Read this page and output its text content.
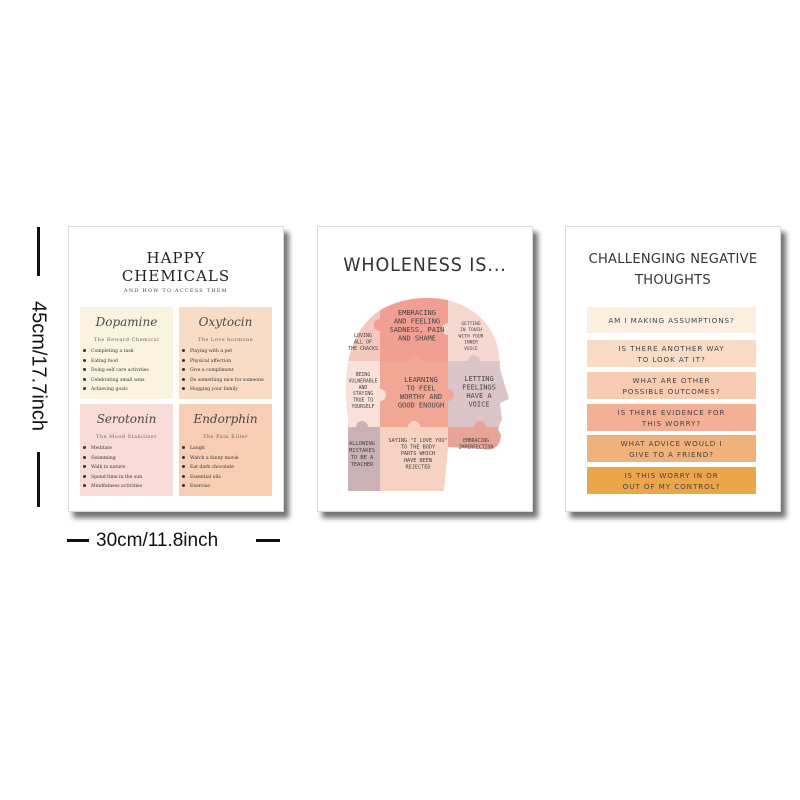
45cm/17.7inch
30cm/11.8inch
HAPPY
CHEMICALS
AND HOW TO ACCESS THEM
Dopamine
The Reward Chemical
Completing a task
Eating food
Doing self care activities
Celebrating small wins
Achieving goals
Oxytocin
The Love hormone
Playing with a pet
Physical affection
Give a compliment
Do something nice for someone
Hugging your family
Serotonin
The Mood Stabilizer
Meditate
Swimming
Walk in nature
Spend time in the sun
Mindfulness activities
Endorphin
The Pain Killer
Laugh
Watch a funny movie
Eat dark chocolate
Essential oils
Exercise
WHOLENESS IS...
LOVING ALL OF THE CRACKS
EMBRACING AND FEELING SADNESS, PAIN AND SHAME
GETTING IN TOUCH WITH YOUR INNER VOICE
BEING VULNERABLE AND STAYING TRUE TO YOURSELF
LEARNING TO FEEL WORTHY AND GOOD ENOUGH
LETTING FEELINGS HAVE A VOICE
ALLOWING MISTAKES TO BE A TEACHER
SAYING "I LOVE YOU" TO THE BODY PARTS WHICH HAVE BEEN REJECTED
EMBRACING IMPERFECTION
CHALLENGING NEGATIVE
THOUGHTS
AM I MAKING ASSUMPTIONS?
IS THERE ANOTHER WAY
TO LOOK AT IT?
WHAT ARE OTHER
POSSIBLE OUTCOMES?
IS THERE EVIDENCE FOR
THIS WORRY?
WHAT ADVICE WOULD I
GIVE TO A FRIEND?
IS THIS WORRY IN OR
OUT OF MY CONTROL?
